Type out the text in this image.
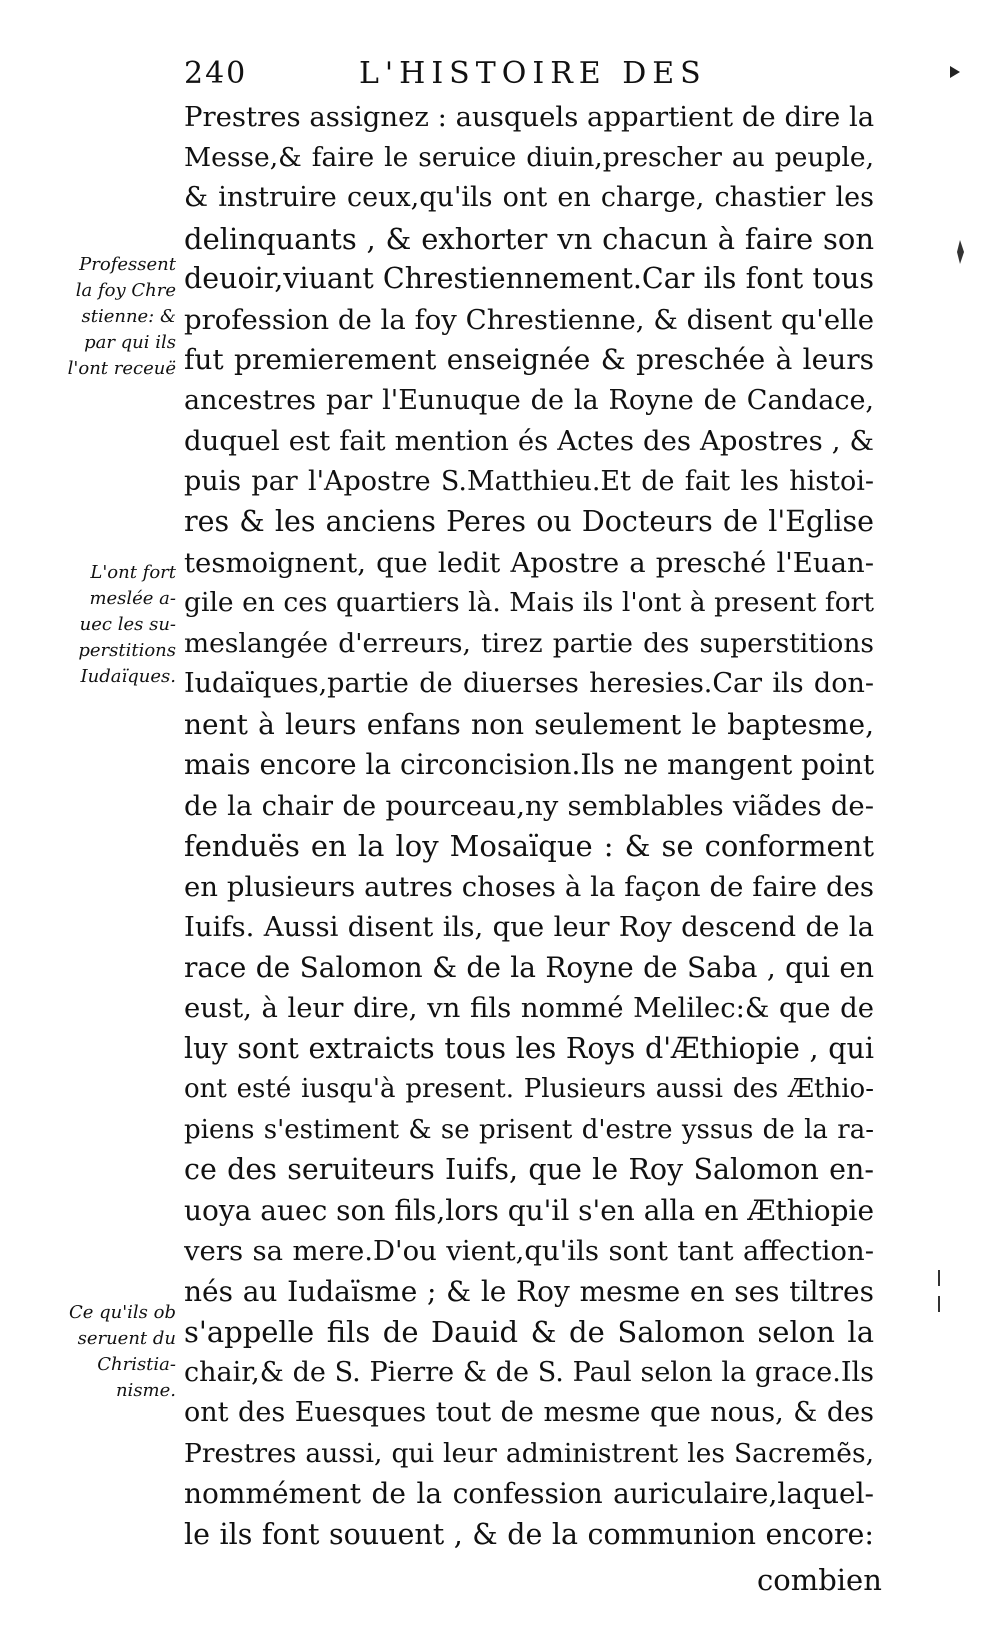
240	L'HISTOIRE DES
Prestres assignez : ausquels appartient de dire la
Messe,& faire le seruice diuin,prescher au peuple,
& instruire ceux,qu'ils ont en charge, chastier les
delinquants , & exhorter vn chacun à faire son
deuoir,viuant Chrestiennement.Car ils font tous
profession de la foy Chrestienne, & disent qu'elle
fut premierement enseignée & preschée à leurs
ancestres par l'Eunuque de la Royne de Candace,
duquel est fait mention és Actes des Apostres , &
puis par l'Apostre S.Matthieu.Et de fait les histoi-
res & les anciens Peres ou Docteurs de l'Eglise
tesmoignent, que ledit Apostre a presché l'Euan-
gile en ces quartiers là. Mais ils l'ont à present fort
meslangée d'erreurs, tirez partie des superstitions
Iudaïques,partie de diuerses heresies.Car ils don-
nent à leurs enfans non seulement le baptesme,
mais encore la circoncision.Ils ne mangent point
de la chair de pourceau,ny semblables viãdes de-
fenduës en la loy Mosaïque : & se conforment
en plusieurs autres choses à la façon de faire des
Iuifs. Aussi disent ils, que leur Roy descend de la
race de Salomon & de la Royne de Saba , qui en
eust, à leur dire, vn fils nommé Melilec:& que de
luy sont extraicts tous les Roys d'Æthiopie , qui
ont esté iusqu'à present. Plusieurs aussi des Æthio-
piens s'estiment & se prisent d'estre yssus de la ra-
ce des seruiteurs Iuifs, que le Roy Salomon en-
uoya auec son fils,lors qu'il s'en alla en Æthiopie
vers sa mere.D'ou vient,qu'ils sont tant affection-
nés au Iudaïsme ; & le Roy mesme en ses tiltres
s'appelle fils de Dauid & de Salomon selon la
chair,& de S. Pierre & de S. Paul selon la grace.Ils
ont des Euesques tout de mesme que nous, & des
Prestres aussi, qui leur administrent les Sacremẽs,
nommément de la confession auriculaire,laquel-
le ils font souuent , & de la communion encore:
combien
Professent
la foy Chre
stienne: &
par qui ils
l'ont receuë
L'ont fort
meslée a-
uec les su-
perstitions
Iudaïques.
Ce qu'ils ob
seruent du
Christia-
nisme.
